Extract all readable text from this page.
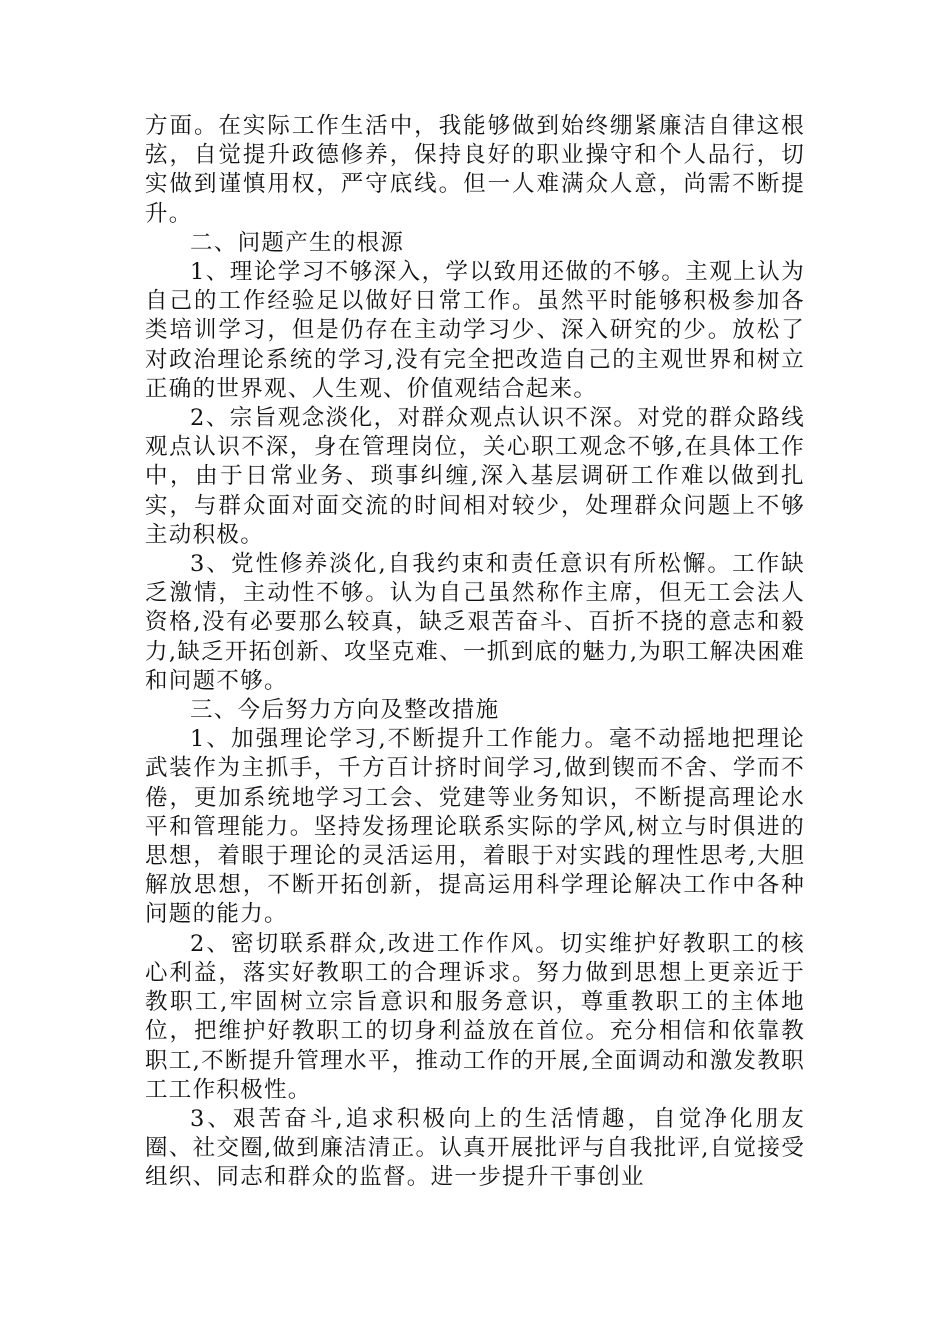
方面。在实际工作生活中，我能够做到始终绷紧廉洁自律这根弦，自觉提升政德修养，保持良好的职业操守和个人品行，切实做到谨慎用权，严守底线。但一人难满众人意，尚需不断提升。

二、问题产生的根源

1、理论学习不够深入，学以致用还做的不够。主观上认为自己的工作经验足以做好日常工作。虽然平时能够积极参加各类培训学习，但是仍存在主动学习少、深入研究的少。放松了对政治理论系统的学习,没有完全把改造自己的主观世界和树立正确的世界观、人生观、价值观结合起来。

2、宗旨观念淡化，对群众观点认识不深。对党的群众路线观点认识不深，身在管理岗位，关心职工观念不够,在具体工作中，由于日常业务、琐事纠缠,深入基层调研工作难以做到扎实，与群众面对面交流的时间相对较少，处理群众问题上不够主动积极。

3、党性修养淡化,自我约束和责任意识有所松懈。工作缺乏激情，主动性不够。认为自己虽然称作主席，但无工会法人资格,没有必要那么较真，缺乏艰苦奋斗、百折不挠的意志和毅力,缺乏开拓创新、攻坚克难、一抓到底的魅力,为职工解决困难和问题不够。

三、今后努力方向及整改措施

1、加强理论学习,不断提升工作能力。毫不动摇地把理论武装作为主抓手，千方百计挤时间学习,做到锲而不舍、学而不倦，更加系统地学习工会、党建等业务知识，不断提高理论水平和管理能力。坚持发扬理论联系实际的学风,树立与时俱进的思想，着眼于理论的灵活运用，着眼于对实践的理性思考,大胆解放思想，不断开拓创新，提高运用科学理论解决工作中各种问题的能力。

2、密切联系群众,改进工作作风。切实维护好教职工的核心利益，落实好教职工的合理诉求。努力做到思想上更亲近于教职工,牢固树立宗旨意识和服务意识，尊重教职工的主体地位，把维护好教职工的切身利益放在首位。充分相信和依靠教职工,不断提升管理水平，推动工作的开展,全面调动和激发教职工工作积极性。

3、艰苦奋斗,追求积极向上的生活情趣，自觉净化朋友圈、社交圈,做到廉洁清正。认真开展批评与自我批评,自觉接受组织、同志和群众的监督。进一步提升干事创业
